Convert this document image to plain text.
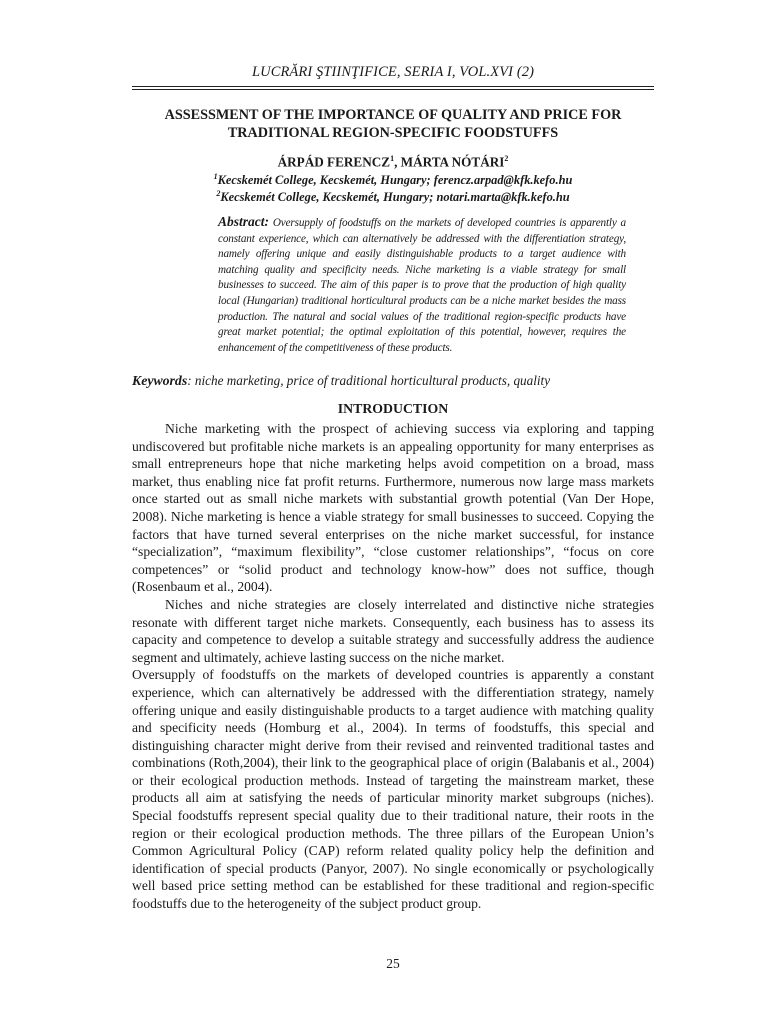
LUCRĂRI ŞTIINŢIFICE, SERIA I, VOL.XVI (2)
ASSESSMENT OF THE IMPORTANCE OF QUALITY AND PRICE FOR
TRADITIONAL REGION-SPECIFIC FOODSTUFFS
ÁRPÁD FERENCZ$^1$, MÁRTA NÓTÁRI$^2$
$^1$Kecskemét College, Kecskemét, Hungary; ferencz.arpad@kfk.kefo.hu
$^2$Kecskemét College, Kecskemét, Hungary; notari.marta@kfk.kefo.hu
Abstract: Oversupply of foodstuffs on the markets of developed countries is apparently a constant experience, which can alternatively be addressed with the differentiation strategy, namely offering unique and easily distinguishable products to a target audience with matching quality and specificity needs. Niche marketing is a viable strategy for small businesses to succeed. The aim of this paper is to prove that the production of high quality local (Hungarian) traditional horticultural products can be a niche market besides the mass production. The natural and social values of the traditional region-specific products have great market potential; the optimal exploitation of this potential, however, requires the enhancement of the competitiveness of these products.
Keywords: niche marketing, price of traditional horticultural products, quality
INTRODUCTION

Niche marketing with the prospect of achieving success via exploring and tapping undiscovered but profitable niche markets is an appealing opportunity for many enterprises as small entrepreneurs hope that niche marketing helps avoid competition on a broad, mass market, thus enabling nice fat profit returns. Furthermore, numerous now large mass markets once started out as small niche markets with substantial growth potential (Van Der Hope, 2008). Niche marketing is hence a viable strategy for small businesses to succeed. Copying the factors that have turned several enterprises on the niche market successful, for instance “specialization”, “maximum flexibility”, “close customer relationships”, “focus on core competences” or “solid product and technology know-how” does not suffice, though (Rosenbaum et al., 2004).

Niches and niche strategies are closely interrelated and distinctive niche strategies resonate with different target niche markets. Consequently, each business has to assess its capacity and competence to develop a suitable strategy and successfully address the audience segment and ultimately, achieve lasting success on the niche market.

Oversupply of foodstuffs on the markets of developed countries is apparently a constant experience, which can alternatively be addressed with the differentiation strategy, namely offering unique and easily distinguishable products to a target audience with matching quality and specificity needs (Homburg et al., 2004). In terms of foodstuffs, this special and distinguishing character might derive from their revised and reinvented traditional tastes and combinations (Roth,2004), their link to the geographical place of origin (Balabanis et al., 2004) or their ecological production methods. Instead of targeting the mainstream market, these products all aim at satisfying the needs of particular minority market subgroups (niches). Special foodstuffs represent special quality due to their traditional nature, their roots in the region or their ecological production methods. The three pillars of the European Union’s Common Agricultural Policy (CAP) reform related quality policy help the definition and identification of special products (Panyor, 2007). No single economically or psychologically well based price setting method can be established for these traditional and region-specific foodstuffs due to the heterogeneity of the subject product group.

25
